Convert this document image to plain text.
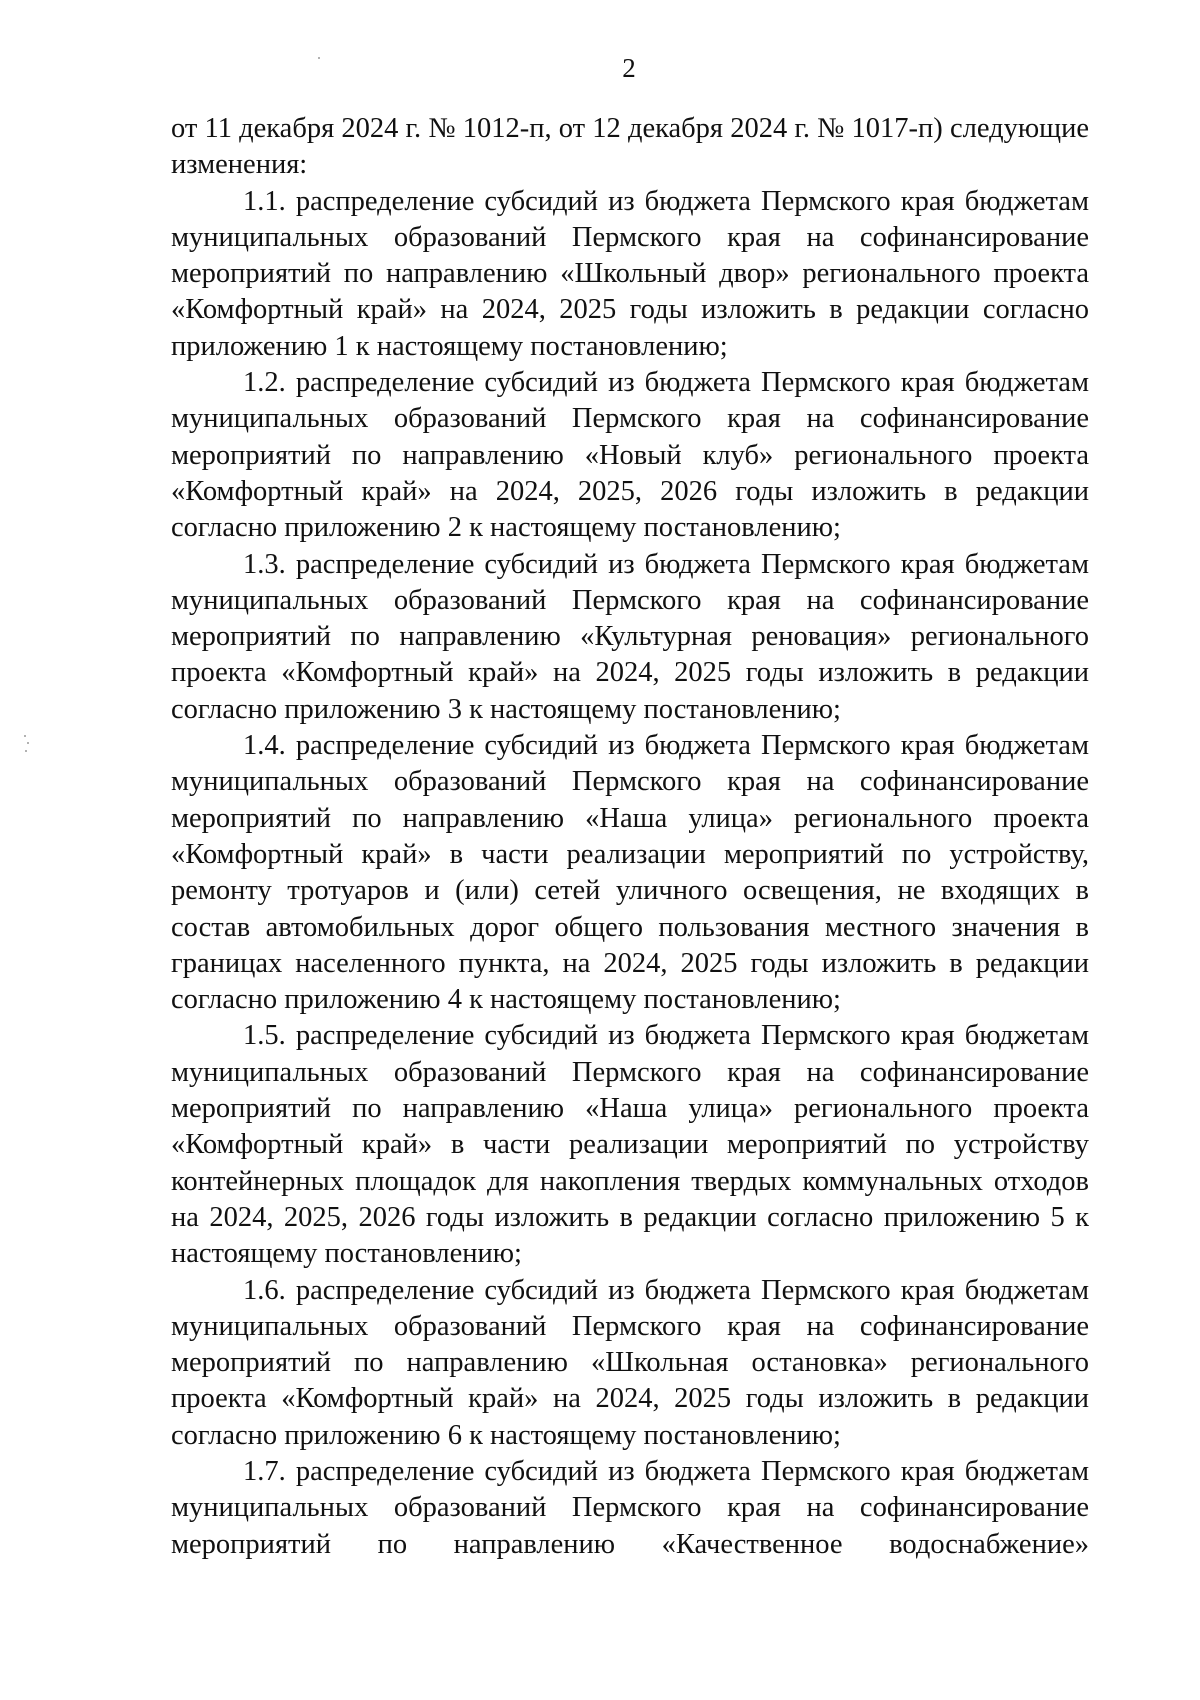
2

от 11 декабря 2024 г. № 1012-п, от 12 декабря 2024 г. № 1017-п) следующие изменения:

1.1. распределение субсидий из бюджета Пермского края бюджетам муниципальных образований Пермского края на софинансирование мероприятий по направлению «Школьный двор» регионального проекта «Комфортный край» на 2024, 2025 годы изложить в редакции согласно приложению 1 к настоящему постановлению;

1.2. распределение субсидий из бюджета Пермского края бюджетам муниципальных образований Пермского края на софинансирование мероприятий по направлению «Новый клуб» регионального проекта «Комфортный край» на 2024, 2025, 2026 годы изложить в редакции согласно приложению 2 к настоящему постановлению;

1.3. распределение субсидий из бюджета Пермского края бюджетам муниципальных образований Пермского края на софинансирование мероприятий по направлению «Культурная реновация» регионального проекта «Комфортный край» на 2024, 2025 годы изложить в редакции согласно приложению 3 к настоящему постановлению;

1.4. распределение субсидий из бюджета Пермского края бюджетам муниципальных образований Пермского края на софинансирование мероприятий по направлению «Наша улица» регионального проекта «Комфортный край» в части реализации мероприятий по устройству, ремонту тротуаров и (или) сетей уличного освещения, не входящих в состав автомобильных дорог общего пользования местного значения в границах населенного пункта, на 2024, 2025 годы изложить в редакции согласно приложению 4 к настоящему постановлению;

1.5. распределение субсидий из бюджета Пермского края бюджетам муниципальных образований Пермского края на софинансирование мероприятий по направлению «Наша улица» регионального проекта «Комфортный край» в части реализации мероприятий по устройству контейнерных площадок для накопления твердых коммунальных отходов на 2024, 2025, 2026 годы изложить в редакции согласно приложению 5 к настоящему постановлению;

1.6. распределение субсидий из бюджета Пермского края бюджетам муниципальных образований Пермского края на софинансирование мероприятий по направлению «Школьная остановка» регионального проекта «Комфортный край» на 2024, 2025 годы изложить в редакции согласно приложению 6 к настоящему постановлению;

1.7. распределение субсидий из бюджета Пермского края бюджетам муниципальных образований Пермского края на софинансирование мероприятий по направлению «Качественное водоснабжение»
